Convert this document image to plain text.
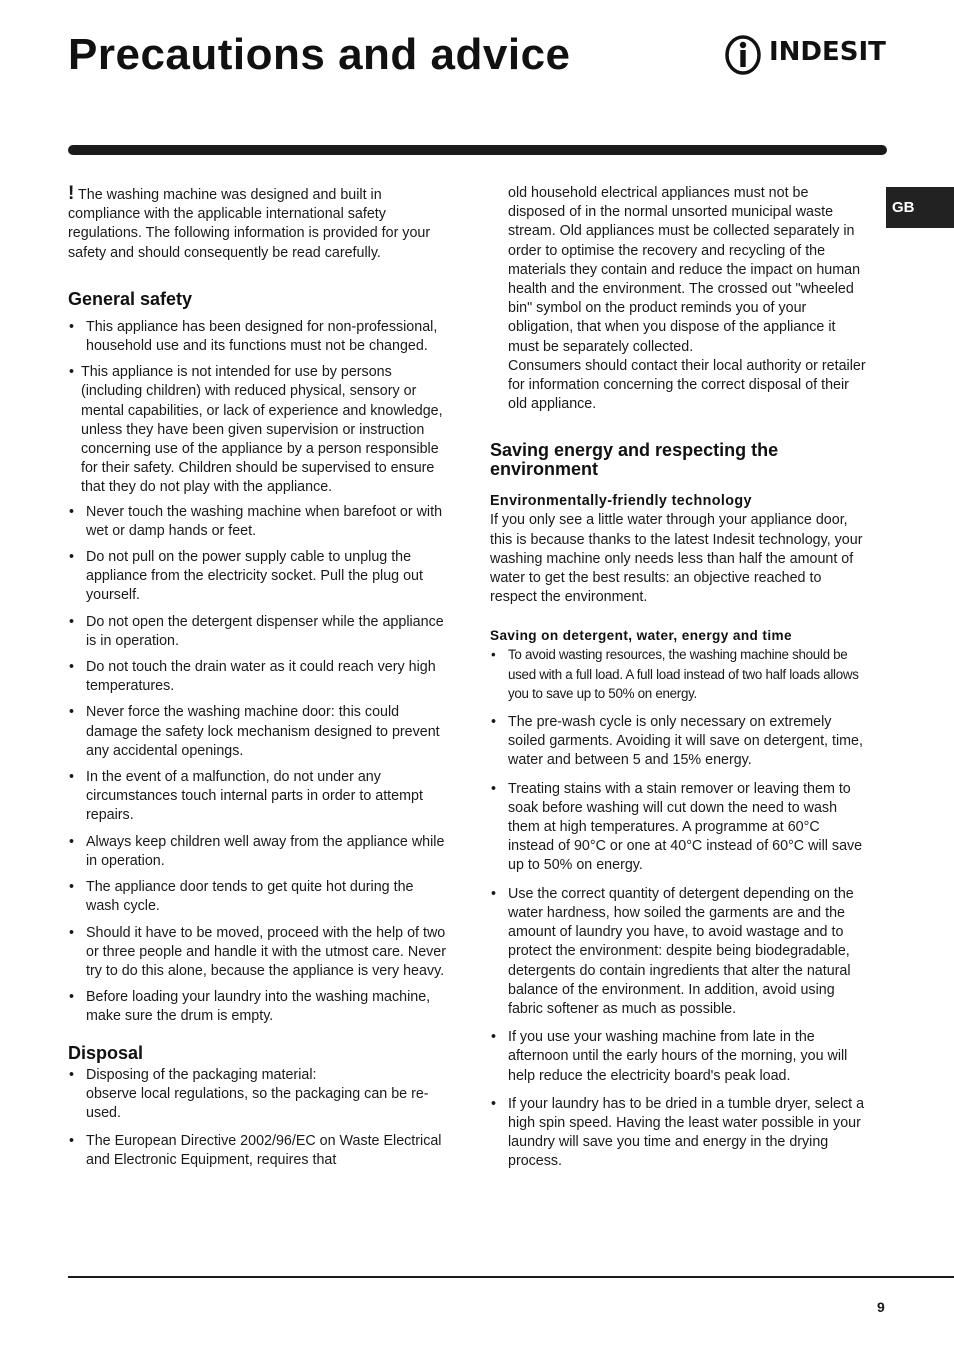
Precautions and advice	INDESIT
GB

! The washing machine was designed and built in compliance with the applicable international safety regulations. The following information is provided for your safety and should consequently be read carefully.

General safety
• This appliance has been designed for non-professional, household use and its functions must not be changed.
• This appliance is not intended for use by persons (including children) with reduced physical, sensory or mental capabilities, or lack of experience and knowledge, unless they have been given supervision or instruction concerning use of the appliance by a person responsible for their safety. Children should be supervised to ensure that they do not play with the appliance.
• Never touch the washing machine when barefoot or with wet or damp hands or feet.
• Do not pull on the power supply cable to unplug the appliance from the electricity socket. Pull the plug out yourself.
• Do not open the detergent dispenser while the appliance is in operation.
• Do not touch the drain water as it could reach very high temperatures.
• Never force the washing machine door: this could damage the safety lock mechanism designed to prevent any accidental openings.
• In the event of a malfunction, do not under any circumstances touch internal parts in order to attempt repairs.
• Always keep children well away from the appliance while in operation.
• The appliance door tends to get quite hot during the wash cycle.
• Should it have to be moved, proceed with the help of two or three people and handle it with the utmost care. Never try to do this alone, because the appliance is very heavy.
• Before loading your laundry into the washing machine, make sure the drum is empty.
Disposal
• Disposing of the packaging material:
observe local regulations, so the packaging can be re-used.
• The European Directive 2002/96/EC on Waste Electrical and Electronic Equipment, requires that

old household electrical appliances must not be disposed of in the normal unsorted municipal waste stream. Old appliances must be collected separately in order to optimise the recovery and recycling of the materials they contain and reduce the impact on human health and the environment. The crossed out "wheeled bin" symbol on the product reminds you of your obligation, that when you dispose of the appliance it must be separately collected.

Consumers should contact their local authority or retailer for information concerning the correct disposal of their old appliance.

Saving energy and respecting the environment
Environmentally-friendly technology

If you only see a little water through your appliance door, this is because thanks to the latest Indesit technology, your washing machine only needs less than half the amount of water to get the best results: an objective reached to respect the environment.

Saving on detergent, water, energy and time
• To avoid wasting resources, the washing machine should be used with a full load. A full load instead of two half loads allows you to save up to 50% on energy.
• The pre-wash cycle is only necessary on extremely soiled garments. Avoiding it will save on detergent, time, water and between 5 and 15% energy.
• Treating stains with a stain remover or leaving them to soak before washing will cut down the need to wash them at high temperatures. A programme at 60°C instead of 90°C or one at 40°C instead of 60°C will save up to 50% on energy.
• Use the correct quantity of detergent depending on the water hardness, how soiled the garments are and the amount of laundry you have, to avoid wastage and to protect the environment: despite being biodegradable, detergents do contain ingredients that alter the natural balance of the environment. In addition, avoid using fabric softener as much as possible.
• If you use your washing machine from late in the afternoon until the early hours of the morning, you will help reduce the electricity board's peak load.
• If your laundry has to be dried in a tumble dryer, select a high spin speed. Having the least water possible in your laundry will save you time and energy in the drying process.
9
